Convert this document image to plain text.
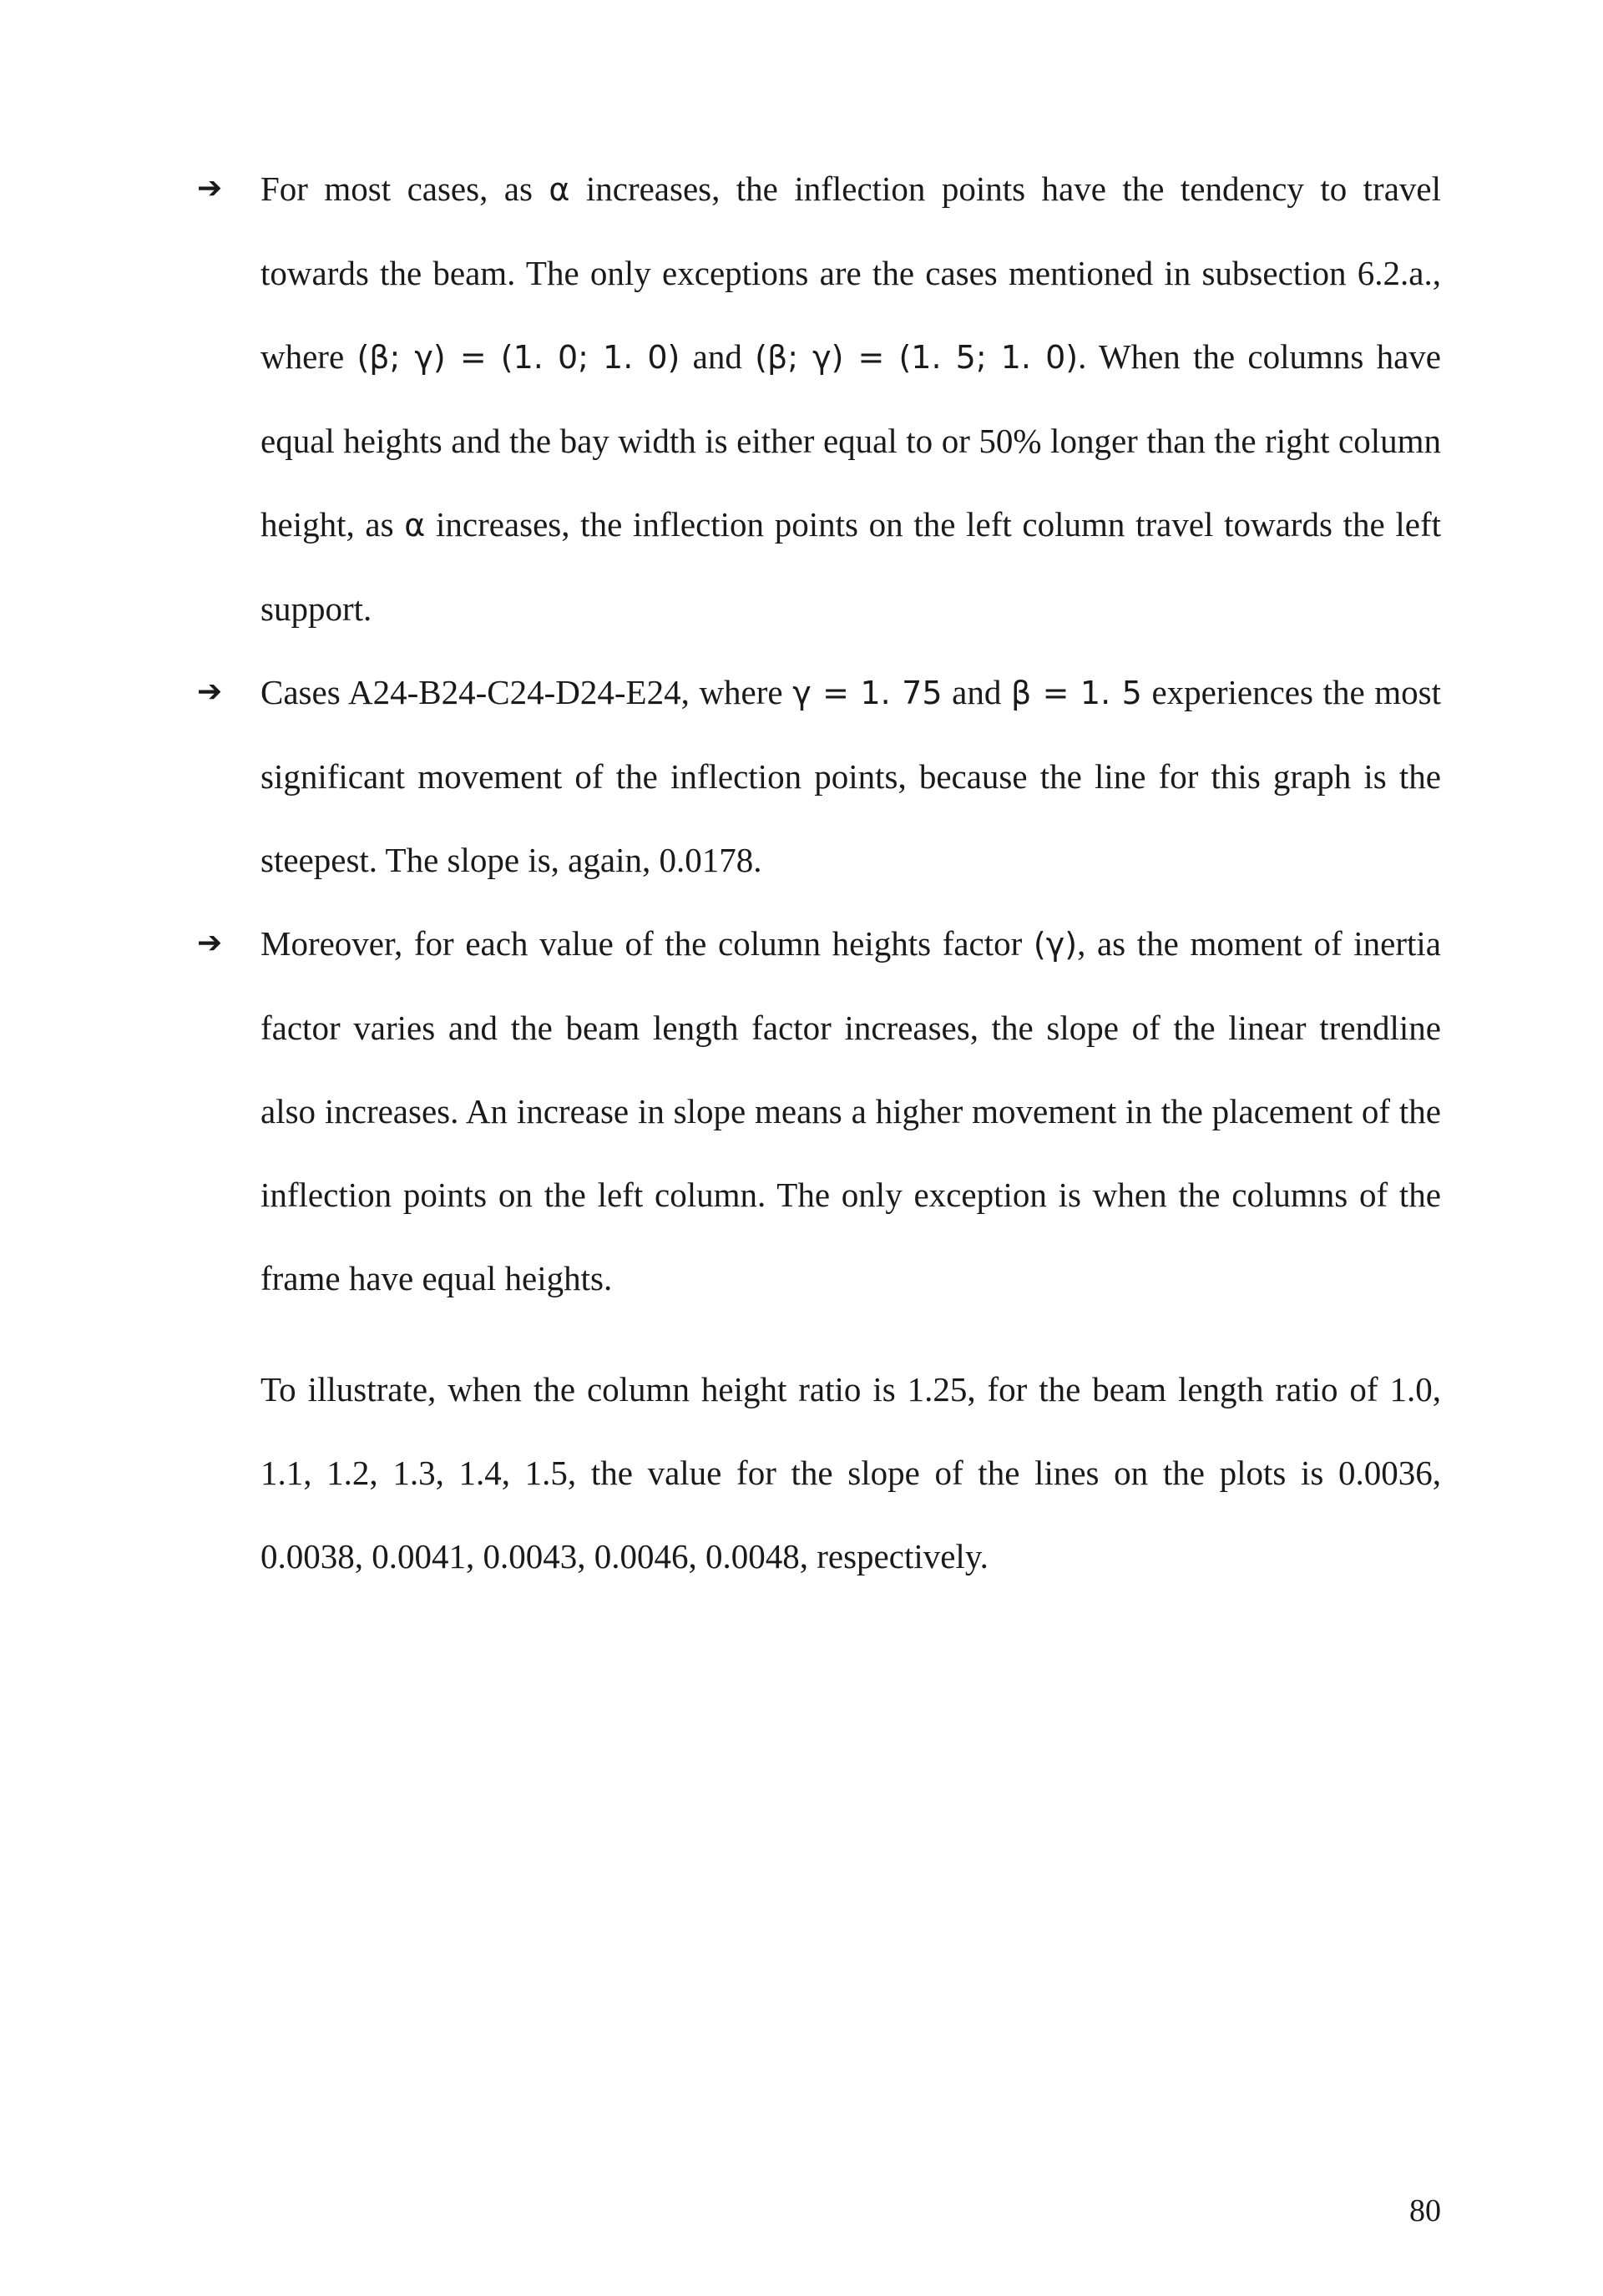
➔ For most cases, as α increases, the inflection points have the tendency to travel towards the beam. The only exceptions are the cases mentioned in subsection 6.2.a., where (β; γ) = (1. 0; 1. 0) and (β; γ) = (1. 5; 1. 0). When the columns have equal heights and the bay width is either equal to or 50% longer than the right column height, as α increases, the inflection points on the left column travel towards the left support.
➔ Cases A24-B24-C24-D24-E24, where γ = 1. 75 and β = 1. 5 experiences the most significant movement of the inflection points, because the line for this graph is the steepest. The slope is, again, 0.0178.
➔ Moreover, for each value of the column heights factor (γ), as the moment of inertia factor varies and the beam length factor increases, the slope of the linear trendline also increases. An increase in slope means a higher movement in the placement of the inflection points on the left column. The only exception is when the columns of the frame have equal heights.

To illustrate, when the column height ratio is 1.25, for the beam length ratio of 1.0, 1.1, 1.2, 1.3, 1.4, 1.5, the value for the slope of the lines on the plots is 0.0036, 0.0038, 0.0041, 0.0043, 0.0046, 0.0048, respectively.

80
